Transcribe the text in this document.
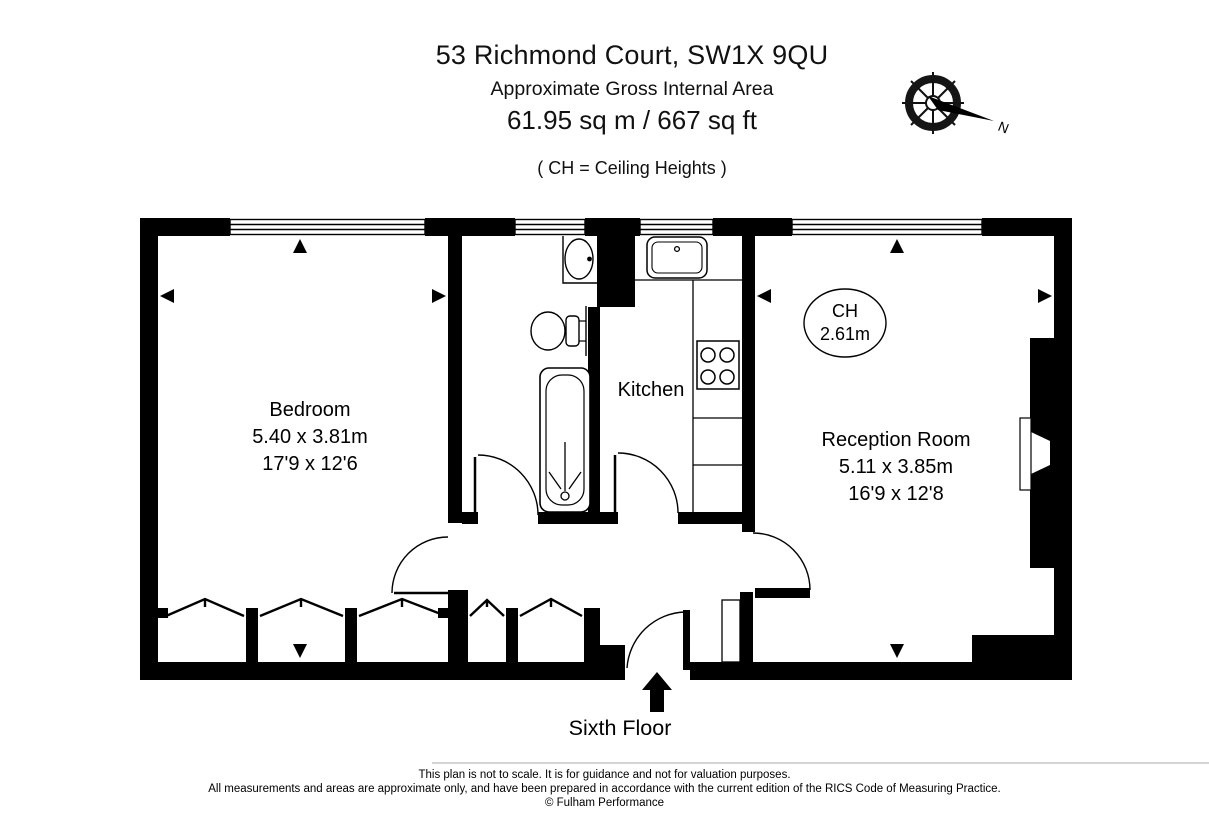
53 Richmond Court, SW1X 9QU
Approximate Gross Internal Area
61.95 sq m / 667 sq ft
( CH = Ceiling Heights )
Bedroom
5.40 x 3.81m
17'9 x 12'6
Kitchen
Reception Room
5.11 x 3.85m
16'9 x 12'8
CH
2.61m
Sixth Floor
N
This plan is not to scale. It is for guidance and not for valuation purposes.
All measurements and areas are approximate only, and have been prepared in accordance with the current edition of the RICS Code of Measuring Practice.
© Fulham Performance
